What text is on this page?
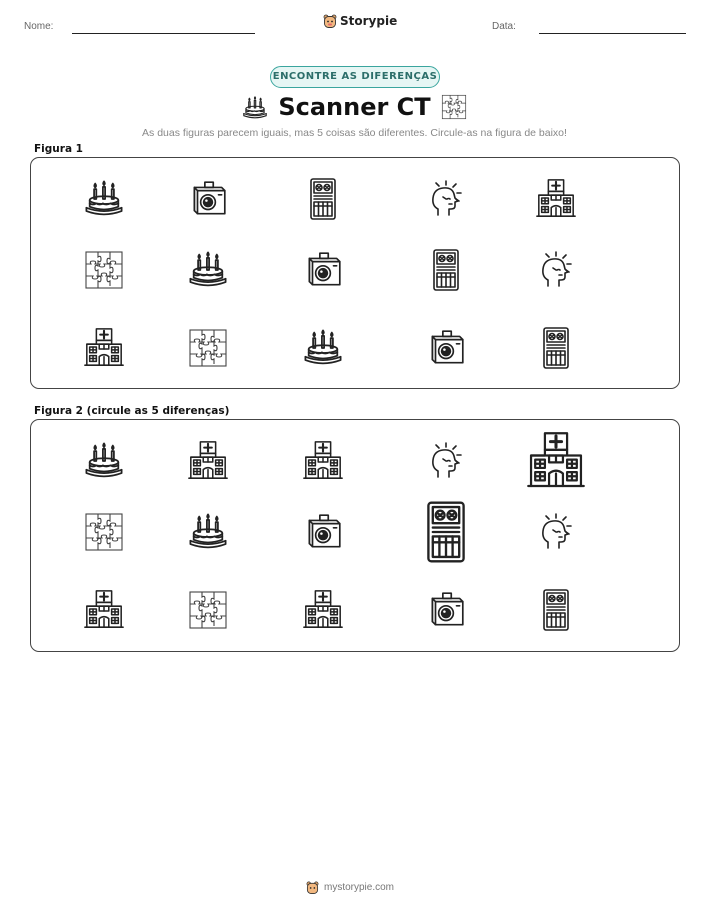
Nome:	Storypie	Data:
ENCONTRE AS DIFERENÇAS
Scanner CT
As duas figuras parecem iguais, mas 5 coisas são diferentes. Circule-as na figura de baixo!
Figura 1
Figura 2 (circule as 5 diferenças)
mystorypie.com
